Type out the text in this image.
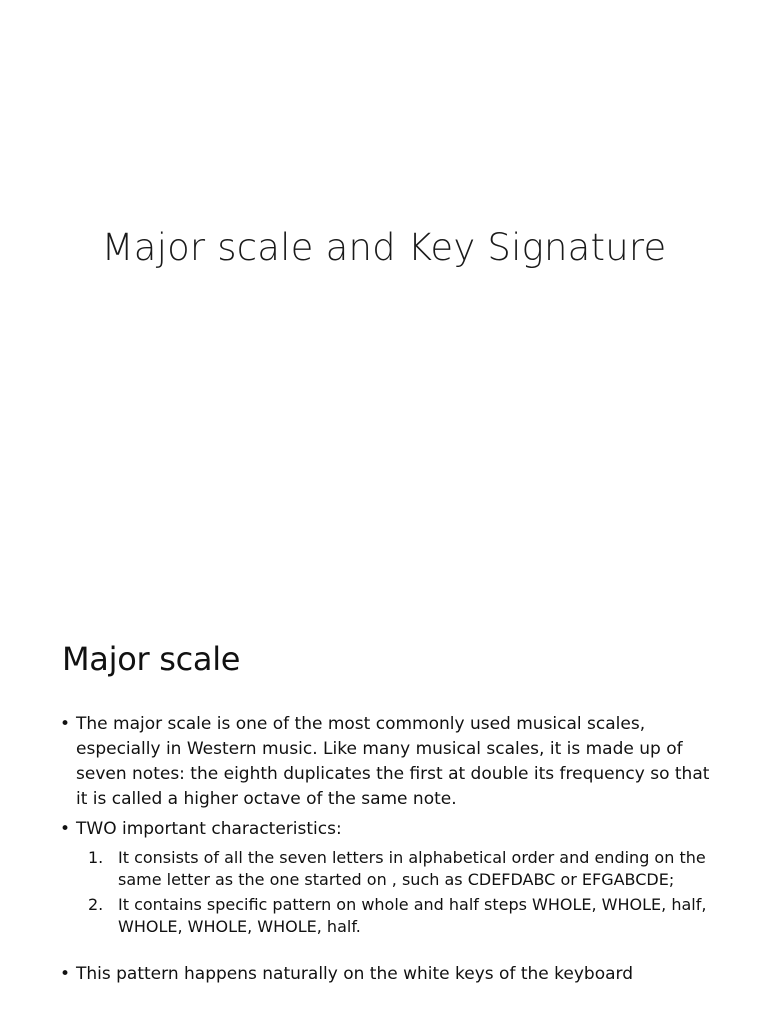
Major scale and Key Signature
Major scale

• The major scale is one of the most commonly used musical scales, especially in Western music. Like many musical scales, it is made up of seven notes: the eighth duplicates the first at double its frequency so that it is called a higher octave of the same note.

• TWO important characteristics:

1. It consists of all the seven letters in alphabetical order and ending on the same letter as the one started on , such as CDEFDABC or EFGABCDE;
2. It contains specific pattern on whole and half steps WHOLE, WHOLE, half, WHOLE, WHOLE, WHOLE, half.

• This pattern happens naturally on the white keys of the keyboard
